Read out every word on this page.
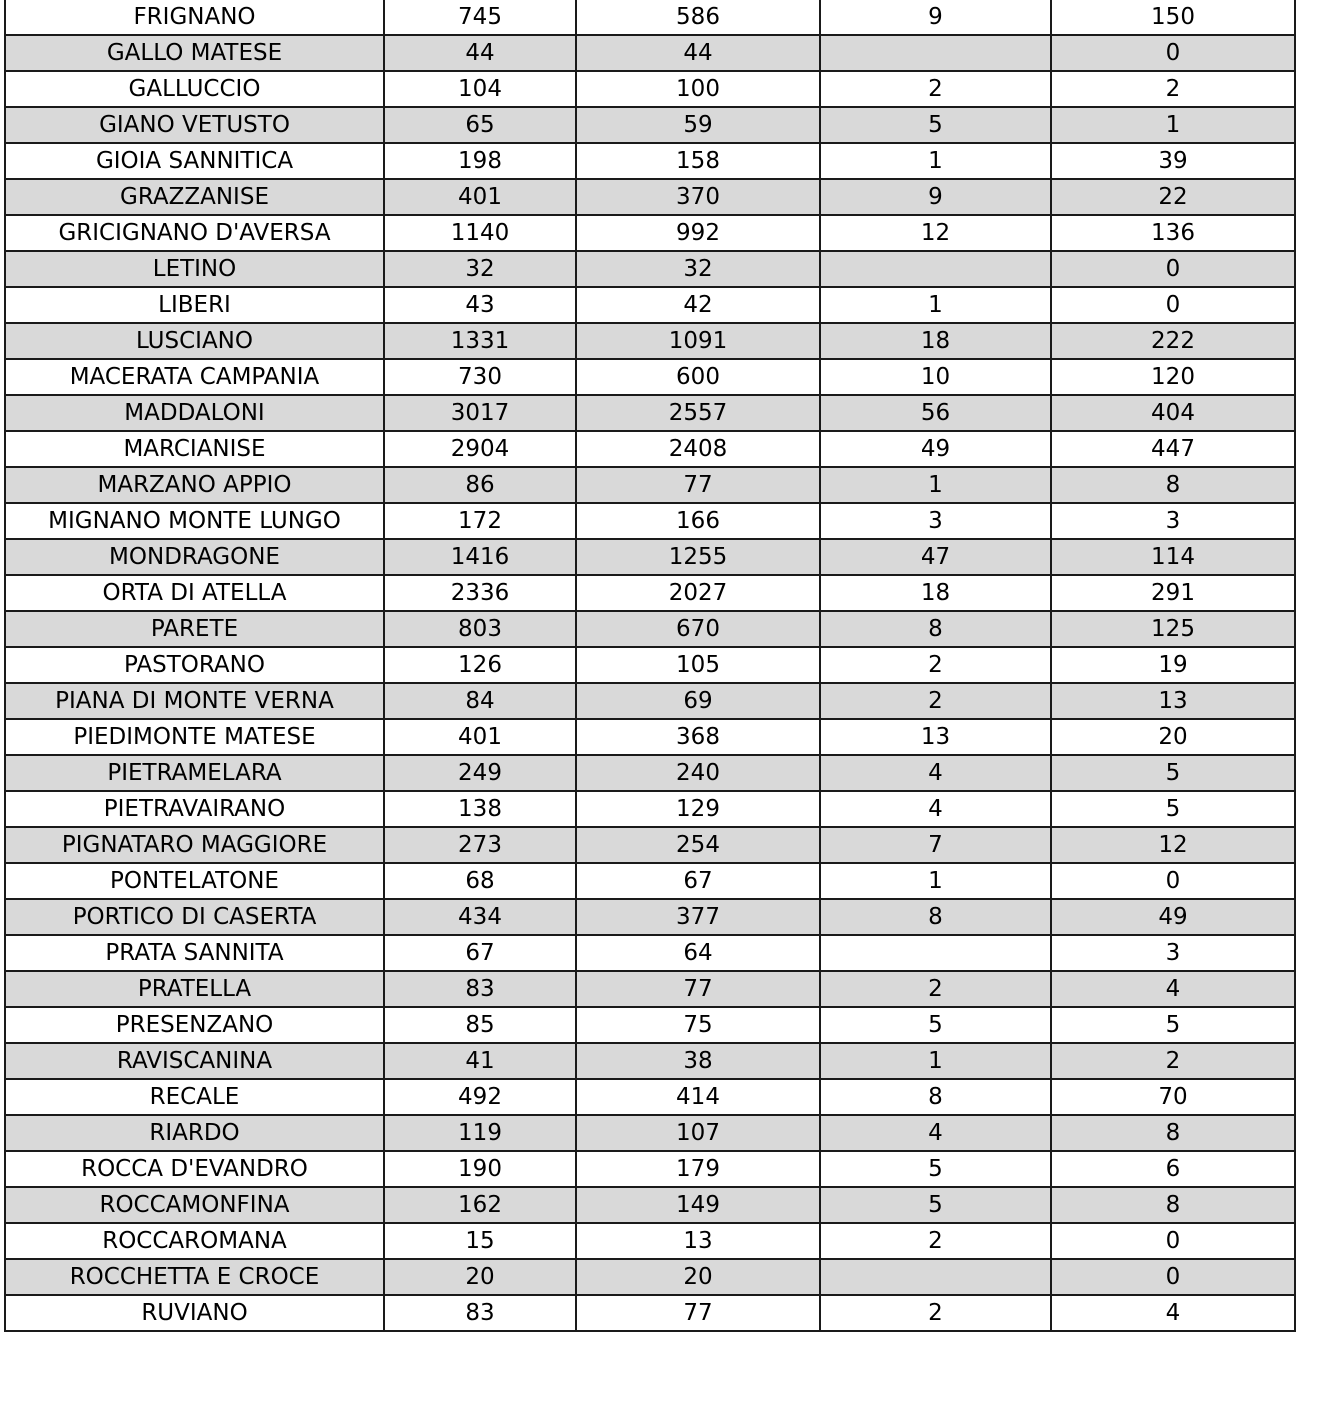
FRIGNANO	745	586	9	150
GALLO MATESE	44	44		0
GALLUCCIO	104	100	2	2
GIANO VETUSTO	65	59	5	1
GIOIA SANNITICA	198	158	1	39
GRAZZANISE	401	370	9	22
GRICIGNANO D'AVERSA	1140	992	12	136
LETINO	32	32		0
LIBERI	43	42	1	0
LUSCIANO	1331	1091	18	222
MACERATA CAMPANIA	730	600	10	120
MADDALONI	3017	2557	56	404
MARCIANISE	2904	2408	49	447
MARZANO APPIO	86	77	1	8
MIGNANO MONTE LUNGO	172	166	3	3
MONDRAGONE	1416	1255	47	114
ORTA DI ATELLA	2336	2027	18	291
PARETE	803	670	8	125
PASTORANO	126	105	2	19
PIANA DI MONTE VERNA	84	69	2	13
PIEDIMONTE MATESE	401	368	13	20
PIETRAMELARA	249	240	4	5
PIETRAVAIRANO	138	129	4	5
PIGNATARO MAGGIORE	273	254	7	12
PONTELATONE	68	67	1	0
PORTICO DI CASERTA	434	377	8	49
PRATA SANNITA	67	64		3
PRATELLA	83	77	2	4
PRESENZANO	85	75	5	5
RAVISCANINA	41	38	1	2
RECALE	492	414	8	70
RIARDO	119	107	4	8
ROCCA D'EVANDRO	190	179	5	6
ROCCAMONFINA	162	149	5	8
ROCCAROMANA	15	13	2	0
ROCCHETTA E CROCE	20	20		0
RUVIANO	83	77	2	4
